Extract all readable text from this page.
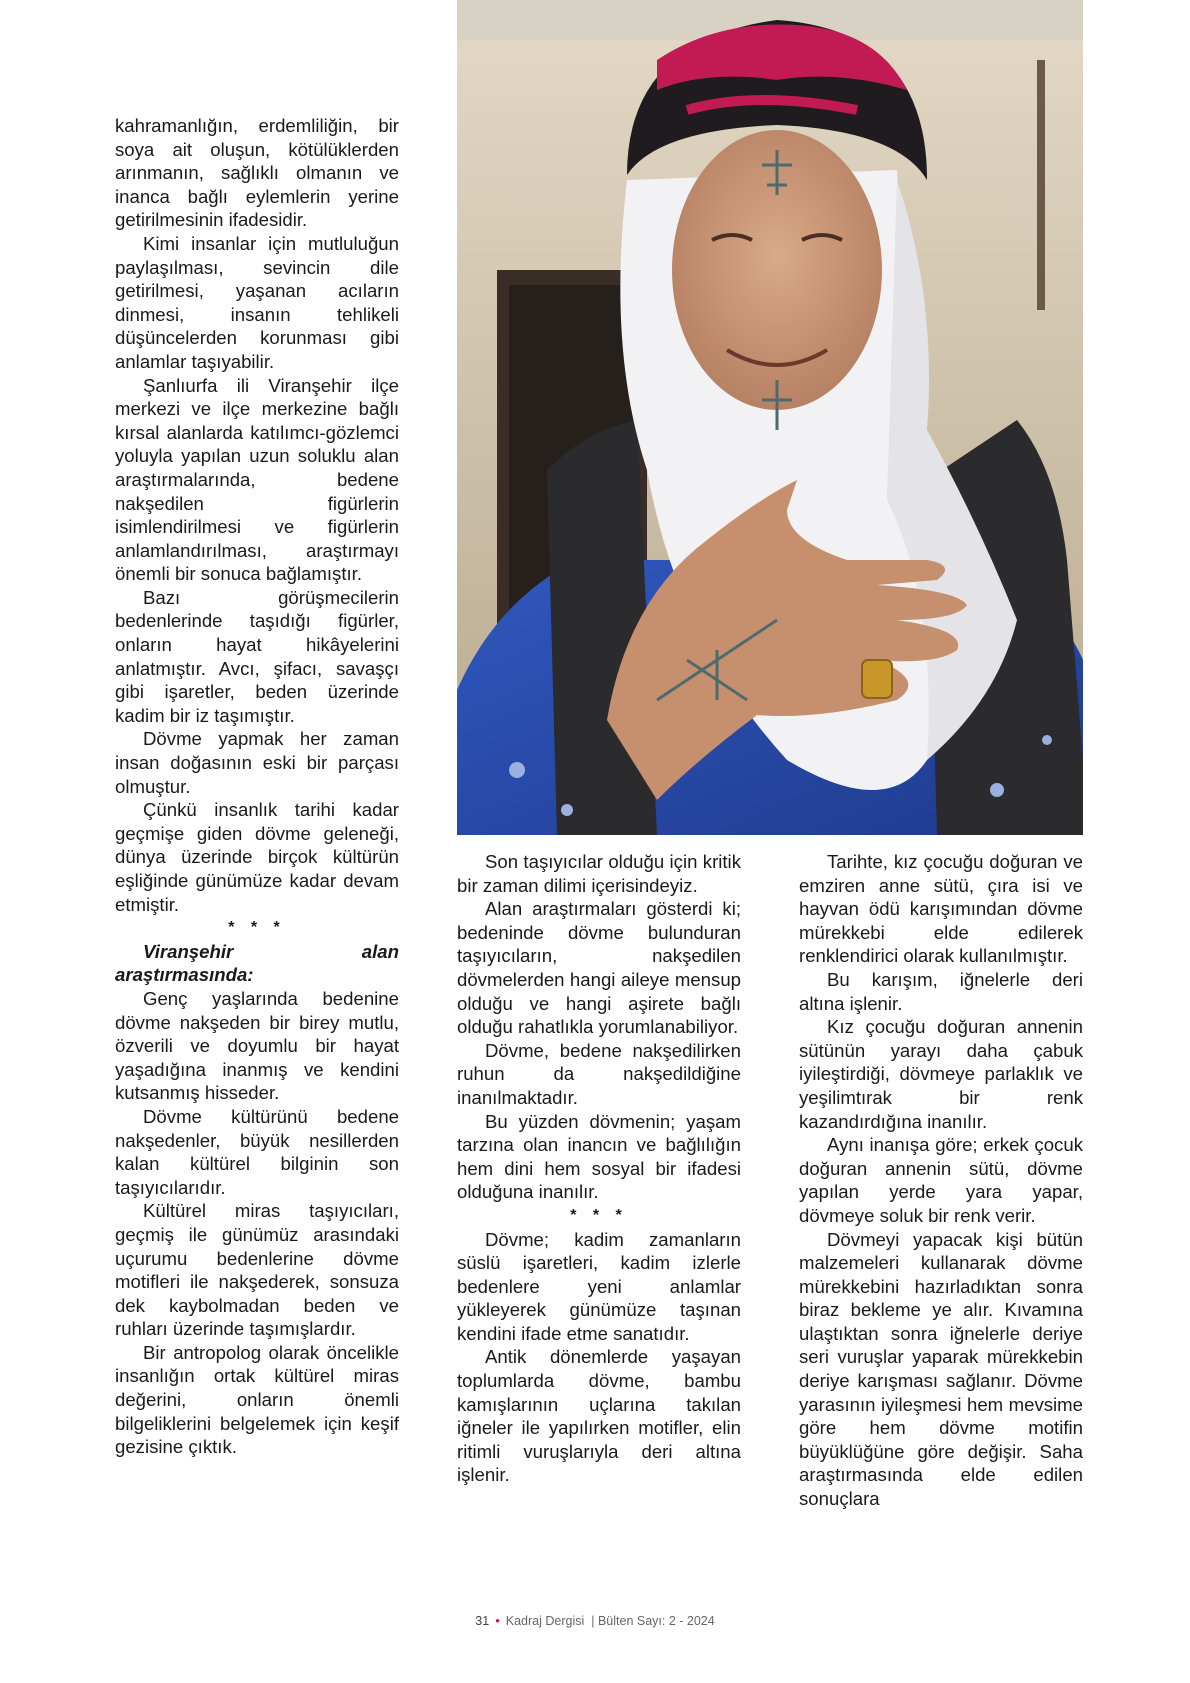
kahramanlığın, erdemliliğin, bir soya ait oluşun, kötülüklerden arınmanın, sağlıklı olmanın ve inanca bağlı eylemlerin yerine getirilmesinin ifadesidir.

Kimi insanlar için mutluluğun paylaşılması, sevincin dile getirilmesi, yaşanan acıların dinmesi, insanın tehlikeli düşüncelerden korunması gibi anlamlar taşıyabilir.

Şanlıurfa ili Viranşehir ilçe merkezi ve ilçe merkezine bağlı kırsal alanlarda katılımcı-gözlemci yoluyla yapılan uzun soluklu alan araştırmalarında, bedene nakşedilen figürlerin isimlendirilmesi ve figürlerin anlamlandırılması, araştırmayı önemli bir sonuca bağlamıştır.

Bazı görüşmecilerin bedenlerinde taşıdığı figürler, onların hayat hikâyelerini anlatmıştır. Avcı, şifacı, savaşçı gibi işaretler, beden üzerinde kadim bir iz taşımıştır.

Dövme yapmak her zaman insan doğasının eski bir parçası olmuştur.

Çünkü insanlık tarihi kadar geçmişe giden dövme geleneği, dünya üzerinde birçok kültürün eşliğinde günümüze kadar devam etmiştir.

* * *

Viranşehir alan araştırmasında:

Genç yaşlarında bedenine dövme nakşeden bir birey mutlu, özverili ve doyumlu bir hayat yaşadığına inanmış ve kendini kutsanmış hisseder.

Dövme kültürünü bedene nakşedenler, büyük nesillerden kalan kültürel bilginin son taşıyıcılarıdır.

Kültürel miras taşıyıcıları, geçmiş ile günümüz arasındaki uçurumu bedenlerine dövme motifleri ile nakşederek, sonsuza dek kaybolmadan beden ve ruhları üzerinde taşımışlardır.

Bir antropolog olarak öncelikle insanlığın ortak kültürel miras değerini, onların önemli bilgeliklerini belgelemek için keşif gezisine çıktık.

Son taşıyıcılar olduğu için kritik bir zaman dilimi içerisindeyiz.

Alan araştırmaları gösterdi ki; bedeninde dövme bulunduran taşıyıcıların, nakşedilen dövmelerden hangi aileye mensup olduğu ve hangi aşirete bağlı olduğu rahatlıkla yorumlanabiliyor.

Dövme, bedene nakşedilirken ruhun da nakşedildiğine inanılmaktadır.

Bu yüzden dövmenin; yaşam tarzına olan inancın ve bağlılığın hem dini hem sosyal bir ifadesi olduğuna inanılır.

* * *

Dövme; kadim zamanların süslü işaretleri, kadim izlerle bedenlere yeni anlamlar yükleyerek günümüze taşınan kendini ifade etme sanatıdır.

Antik dönemlerde yaşayan toplumlarda dövme, bambu kamışlarının uçlarına takılan iğneler ile yapılırken motifler, elin ritimli vuruşlarıyla deri altına işlenir.

Tarihte, kız çocuğu doğuran ve emziren anne sütü, çıra isi ve hayvan ödü karışımından dövme mürekkebi elde edilerek renklendirici olarak kullanılmıştır.

Bu karışım, iğnelerle deri altına işlenir.

Kız çocuğu doğuran annenin sütünün yarayı daha çabuk iyileştirdiği, dövmeye parlaklık ve yeşilimtırak bir renk kazandırdığına inanılır.

Aynı inanışa göre; erkek çocuk doğuran annenin sütü, dövme yapılan yerde yara yapar, dövmeye soluk bir renk verir.

Dövmeyi yapacak kişi bütün malzemeleri kullanarak dövme mürekkebini hazırladıktan sonra biraz bekleme ye alır. Kıvamına ulaştıktan sonra iğnelerle deriye seri vuruşlar yaparak mürekkebin deriye karışması sağlanır. Dövme yarasının iyileşmesi hem mevsime göre hem dövme motifin büyüklüğüne göre değişir. Saha araştırmasında elde edilen sonuçlara

31 • Kadraj Dergisi | Bülten Sayı: 2 - 2024
